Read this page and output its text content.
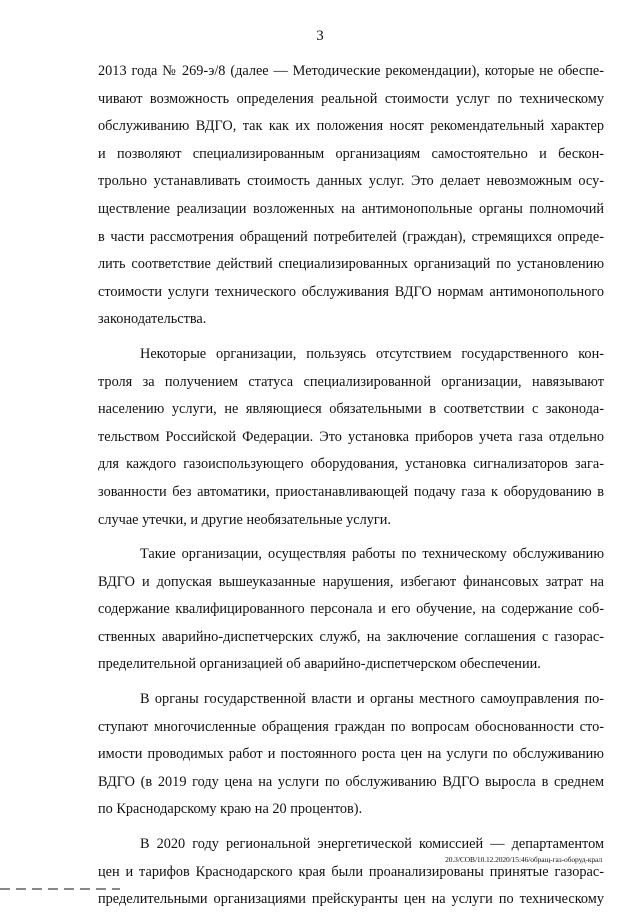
3
2013 года № 269-э/8 (далее — Методические рекомендации), которые не обеспе-
чивают возможность определения реальной стоимости услуг по техническому
обслуживанию ВДГО, так как их положения носят рекомендательный характер
и позволяют специализированным организациям самостоятельно и бескон-
трольно устанавливать стоимость данных услуг. Это делает невозможным осу-
ществление реализации возложенных на антимонопольные органы полномочий
в части рассмотрения обращений потребителей (граждан), стремящихся опреде-
лить соответствие действий специализированных организаций по установлению
стоимости услуги технического обслуживания ВДГО нормам антимонопольного
законодательства.
Некоторые организации, пользуясь отсутствием государственного кон-
троля за получением статуса специализированной организации, навязывают
населению услуги, не являющиеся обязательными в соответствии с законода-
тельством Российской Федерации. Это установка приборов учета газа отдельно
для каждого газоиспользующего оборудования, установка сигнализаторов зага-
зованности без автоматики, приостанавливающей подачу газа к оборудованию в
случае утечки, и другие необязательные услуги.
Такие организации, осуществляя работы по техническому обслуживанию
ВДГО и допуская вышеуказанные нарушения, избегают финансовых затрат на
содержание квалифицированного персонала и его обучение, на содержание соб-
ственных аварийно-диспетчерских служб, на заключение соглашения с газорас-
пределительной организацией об аварийно-диспетчерском обеспечении.
В органы государственной власти и органы местного самоуправления по-
ступают многочисленные обращения граждан по вопросам обоснованности сто-
имости проводимых работ и постоянного роста цен на услуги по обслуживанию
ВДГО (в 2019 году цена на услуги по обслуживанию ВДГО выросла в среднем
по Краснодарскому краю на 20 процентов).
В 2020 году региональной энергетической комиссией — департаментом
цен и тарифов Краснодарского края были проанализированы принятые газорас-
пределительными организациями прейскуранты цен на услуги по техническому
20.3/СОВ/10.12.2020/15:46/обращ-газ-оборуд-крал
